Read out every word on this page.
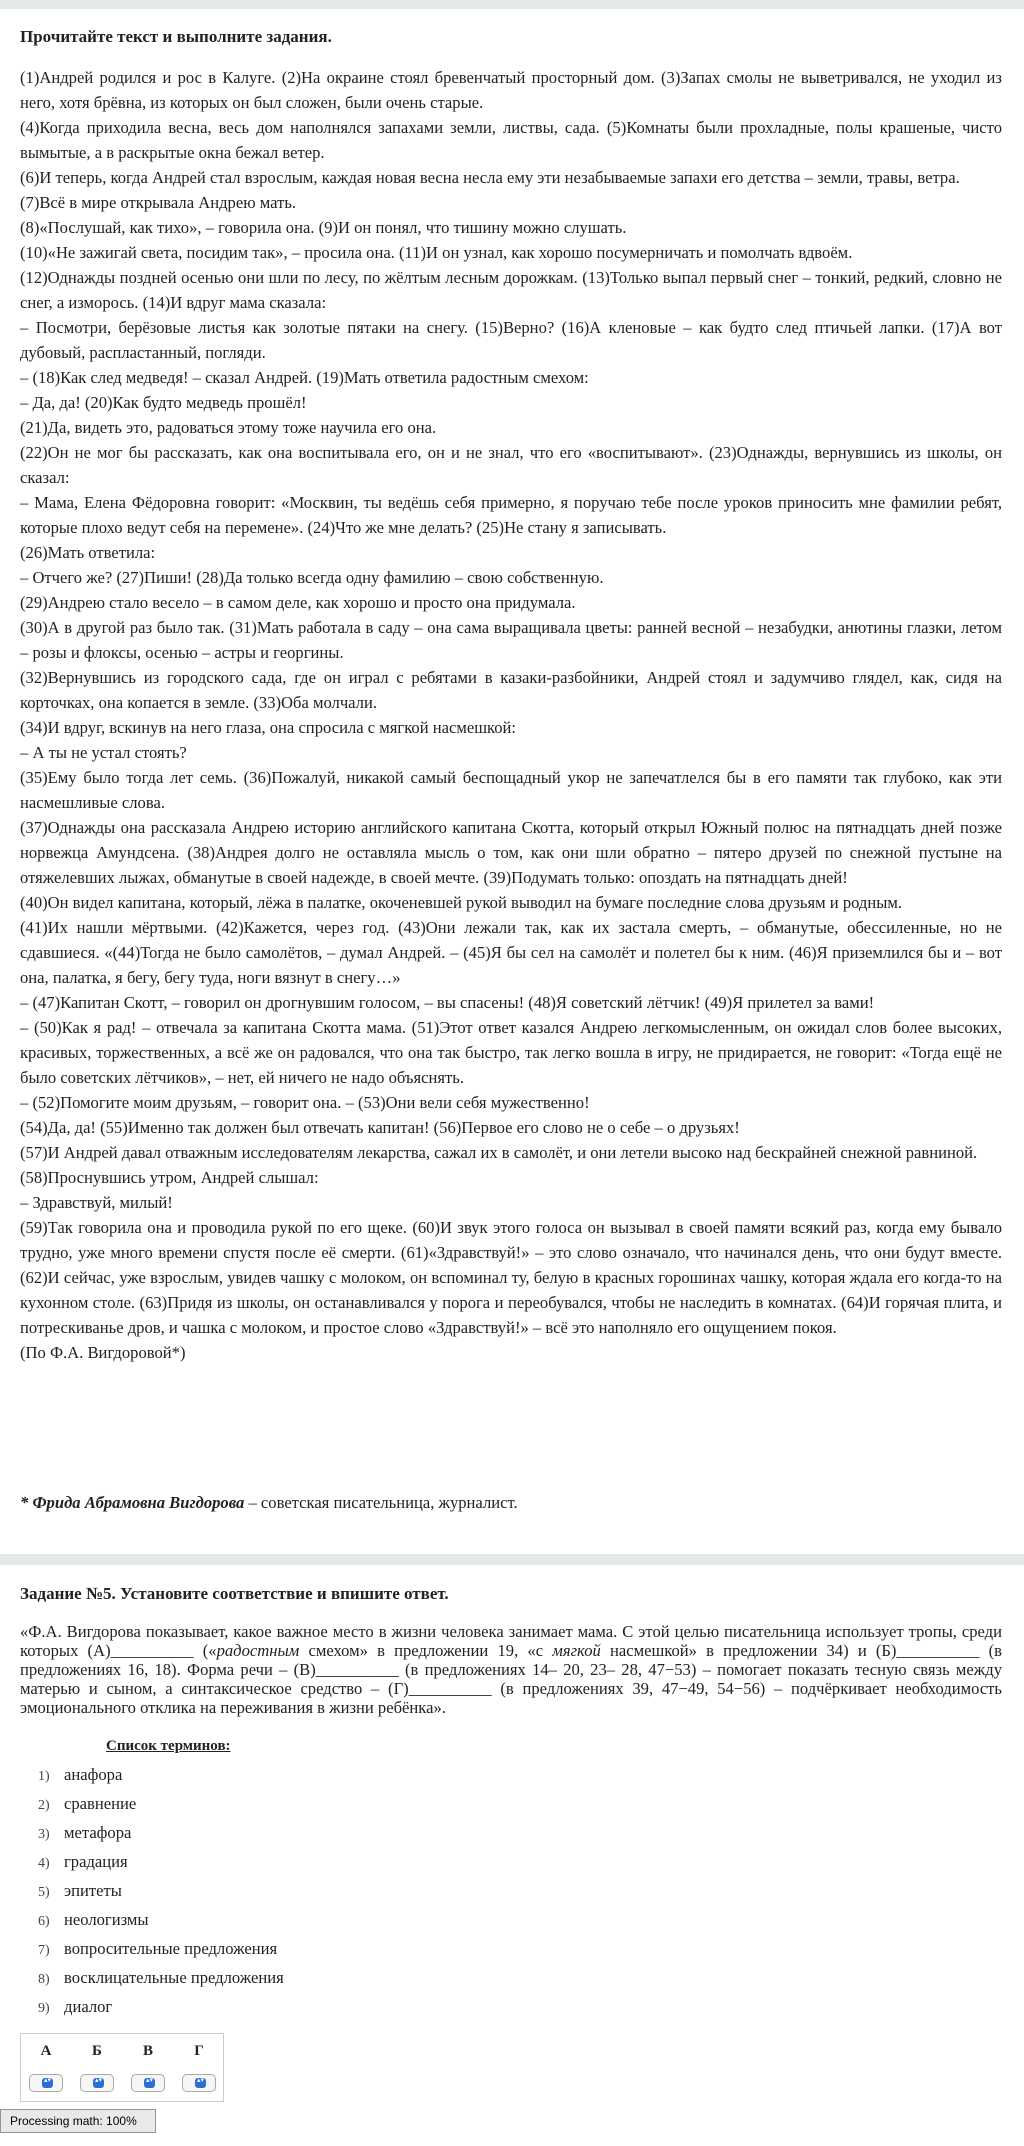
Прочитайте текст и выполните задания.

(1)Андрей родился и рос в Калуге. (2)На окраине стоял бревенчатый просторный дом. (3)Запах смолы не выветривался, не уходил из него, хотя брёвна, из которых он был сложен, были очень старые.

(4)Когда приходила весна, весь дом наполнялся запахами земли, листвы, сада. (5)Комнаты были прохладные, полы крашеные, чисто вымытые, а в раскрытые окна бежал ветер.

(6)И теперь, когда Андрей стал взрослым, каждая новая весна несла ему эти незабываемые запахи его детства – земли, травы, ветра.

(7)Всё в мире открывала Андрею мать.

(8)«Послушай, как тихо», – говорила она. (9)И он понял, что тишину можно слушать.

(10)«Не зажигай света, посидим так», – просила она. (11)И он узнал, как хорошо посумерничать и помолчать вдвоём.

(12)Однажды поздней осенью они шли по лесу, по жёлтым лесным дорожкам. (13)Только выпал первый снег – тонкий, редкий, словно не снег, а изморось. (14)И вдруг мама сказала:

– Посмотри, берёзовые листья как золотые пятаки на снегу. (15)Верно? (16)А кленовые – как будто след птичьей лапки. (17)А вот дубовый, распластанный, погляди.

– (18)Как след медведя! – сказал Андрей. (19)Мать ответила радостным смехом:

– Да, да! (20)Как будто медведь прошёл!

(21)Да, видеть это, радоваться этому тоже научила его она.

(22)Он не мог бы рассказать, как она воспитывала его, он и не знал, что его «воспитывают». (23)Однажды, вернувшись из школы, он сказал:

– Мама, Елена Фёдоровна говорит: «Москвин, ты ведёшь себя примерно, я поручаю тебе после уроков приносить мне фамилии ребят, которые плохо ведут себя на перемене». (24)Что же мне делать? (25)Не стану я записывать.

(26)Мать ответила:

– Отчего же? (27)Пиши! (28)Да только всегда одну фамилию – свою собственную.

(29)Андрею стало весело – в самом деле, как хорошо и просто она придумала.

(30)А в другой раз было так. (31)Мать работала в саду – она сама выращивала цветы: ранней весной – незабудки, анютины глазки, летом – розы и флоксы, осенью – астры и георгины.

(32)Вернувшись из городского сада, где он играл с ребятами в казаки-разбойники, Андрей стоял и задумчиво глядел, как, сидя на корточках, она копается в земле. (33)Оба молчали.

(34)И вдруг, вскинув на него глаза, она спросила с мягкой насмешкой:

– А ты не устал стоять?

(35)Ему было тогда лет семь. (36)Пожалуй, никакой самый беспощадный укор не запечатлелся бы в его памяти так глубоко, как эти насмешливые слова.

(37)Однажды она рассказала Андрею историю английского капитана Скотта, который открыл Южный полюс на пятнадцать дней позже норвежца Амундсена. (38)Андрея долго не оставляла мысль о том, как они шли обратно – пятеро друзей по снежной пустыне на отяжелевших лыжах, обманутые в своей надежде, в своей мечте. (39)Подумать только: опоздать на пятнадцать дней!

(40)Он видел капитана, который, лёжа в палатке, окоченевшей рукой выводил на бумаге последние слова друзьям и родным.

(41)Их нашли мёртвыми. (42)Кажется, через год. (43)Они лежали так, как их застала смерть, – обманутые, обессиленные, но не сдавшиеся. «(44)Тогда не было самолётов, – думал Андрей. – (45)Я бы сел на самолёт и полетел бы к ним. (46)Я приземлился бы и – вот она, палатка, я бегу, бегу туда, ноги вязнут в снегу…»

– (47)Капитан Скотт, – говорил он дрогнувшим голосом, – вы спасены! (48)Я советский лётчик! (49)Я прилетел за вами!

– (50)Как я рад! – отвечала за капитана Скотта мама. (51)Этот ответ казался Андрею легкомысленным, он ожидал слов более высоких, красивых, торжественных, а всё же он радовался, что она так быстро, так легко вошла в игру, не придирается, не говорит: «Тогда ещё не было советских лётчиков», – нет, ей ничего не надо объяснять.

– (52)Помогите моим друзьям, – говорит она. – (53)Они вели себя мужественно!

(54)Да, да! (55)Именно так должен был отвечать капитан! (56)Первое его слово не о себе – о друзьях!

(57)И Андрей давал отважным исследователям лекарства, сажал их в самолёт, и они летели высоко над бескрайней снежной равниной.

(58)Проснувшись утром, Андрей слышал:

– Здравствуй, милый!

(59)Так говорила она и проводила рукой по его щеке. (60)И звук этого голоса он вызывал в своей памяти всякий раз, когда ему бывало трудно, уже много времени спустя после её смерти. (61)«Здравствуй!» – это слово означало, что начинался день, что они будут вместе. (62)И сейчас, уже взрослым, увидев чашку с молоком, он вспоминал ту, белую в красных горошинах чашку, которая ждала его когда-то на кухонном столе. (63)Придя из школы, он останавливался у порога и переобувался, чтобы не наследить в комнатах. (64)И горячая плита, и потрескиванье дров, и чашка с молоком, и простое слово «Здравствуй!» – всё это наполняло его ощущением покоя.

(По Ф.А. Вигдоровой*)

* Фрида Абрамовна Вигдорова – советская писательница, журналист.
Задание №5. Установите соответствие и впишите ответ.
«Ф.А. Вигдорова показывает, какое важное место в жизни человека занимает мама. С этой целью писательница использует тропы, среди которых (А)__________ («радостным смехом» в предложении 19, «с мягкой насмешкой» в предложении 34) и (Б)__________ (в предложениях 16, 18). Форма речи – (В)__________ (в предложениях 14– 20, 23– 28, 47−53) – помогает показать тесную связь между матерью и сыном, а синтаксическое средство – (Г)__________ (в предложениях 39, 47−49, 54−56) – подчёркивает необходимость эмоционального отклика на переживания в жизни ребёнка».
Список терминов:
1) анафора
2) сравнение
3) метафора
4) градация
5) эпитеты
6) неологизмы
7) вопросительные предложения
8) восклицательные предложения
9) диалог
А
▴▾
Б
▴▾
В
▴▾
Г
▴▾
Processing math: 100%
